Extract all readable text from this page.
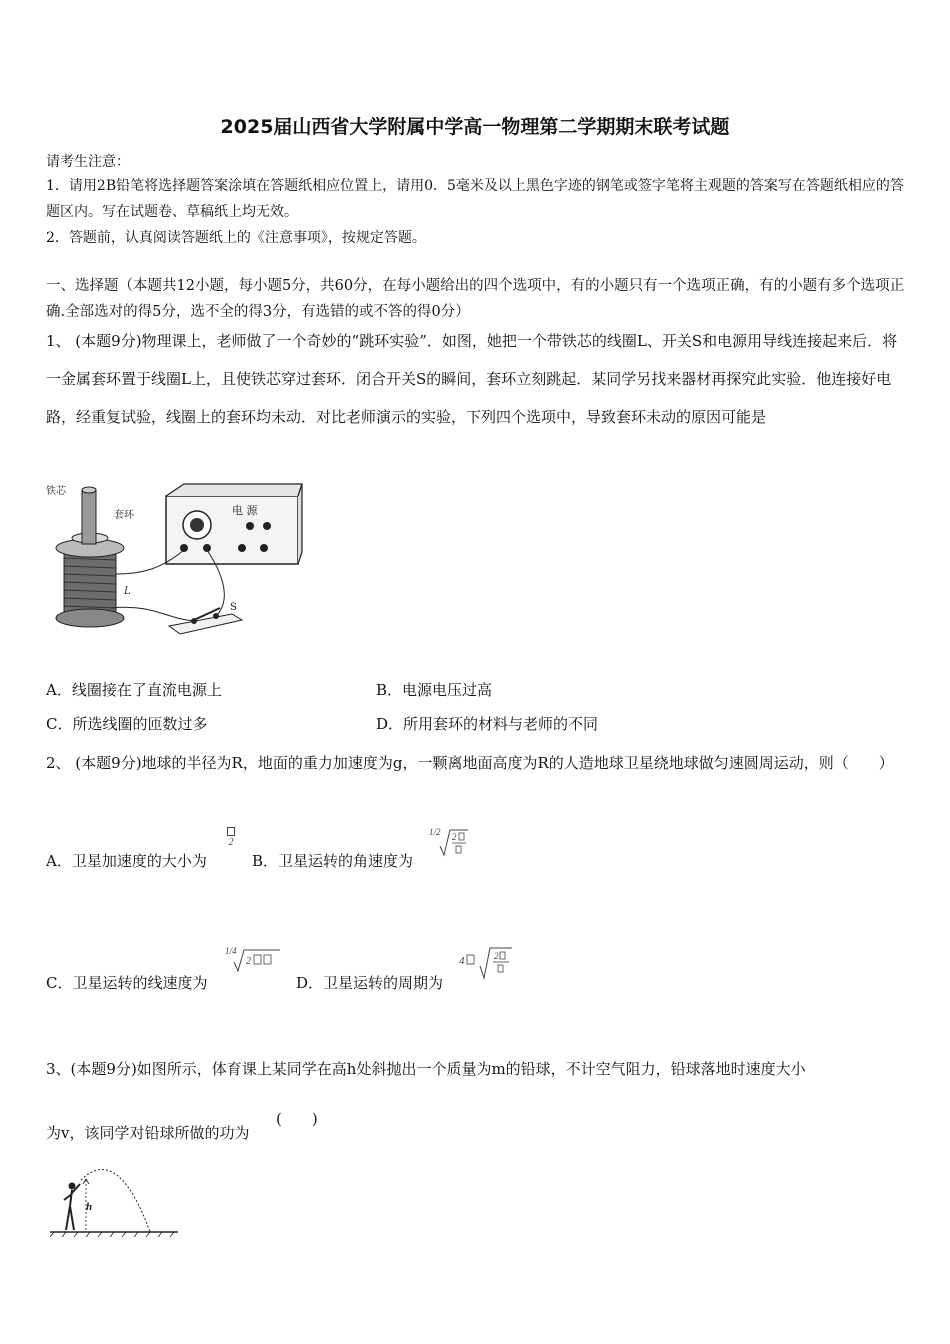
2025届山西省大学附属中学高一物理第二学期期末联考试题
请考生注意：
1．请用2B铅笔将选择题答案涂填在答题纸相应位置上，请用0．5毫米及以上黑色字迹的钢笔或签字笔将主观题的答案写在答题纸相应的答题区内。写在试题卷、草稿纸上均无效。
2．答题前，认真阅读答题纸上的《注意事项》，按规定答题。
一、选择题（本题共12小题，每小题5分，共60分，在每小题给出的四个选项中，有的小题只有一个选项正确，有的小题有多个选项正确.全部选对的得5分，选不全的得3分，有选错的或不答的得0分）
1、 (本题9分)物理课上，老师做了一个奇妙的“跳环实验”．如图，她把一个带铁芯的线圈L、开关S和电源用导线连接起来后．将一金属套环置于线圈L上，且使铁芯穿过套环．闭合开关S的瞬间，套环立刻跳起．某同学另找来器材再探究此实验．他连接好电路，经重复试验，线圈上的套环均未动．对比老师演示的实验，下列四个选项中，导致套环未动的原因可能是
电 源
铁芯
套环
L
S
A．线圈接在了直流电源上	B．电源电压过高
C．所选线圈的匝数过多	D．所用套环的材料与老师的不同
2、 (本题9分)地球的半径为R，地面的重力加速度为g，一颗离地面高度为R的人造地球卫星绕地球做匀速圆周运动，则（　　）
A．卫星加速度的大小为

2
B．卫星运转的角速度为
1/2 2
C．卫星运转的线速度为
1/4
2
D．卫星运转的周期为
4	2
3、(本题9分)如图所示，体育课上某同学在高h处斜抛出一个质量为m的铅球，不计空气阻力，铅球落地时速度大小
为v，该同学对铅球所做的功为
(　　)
h
